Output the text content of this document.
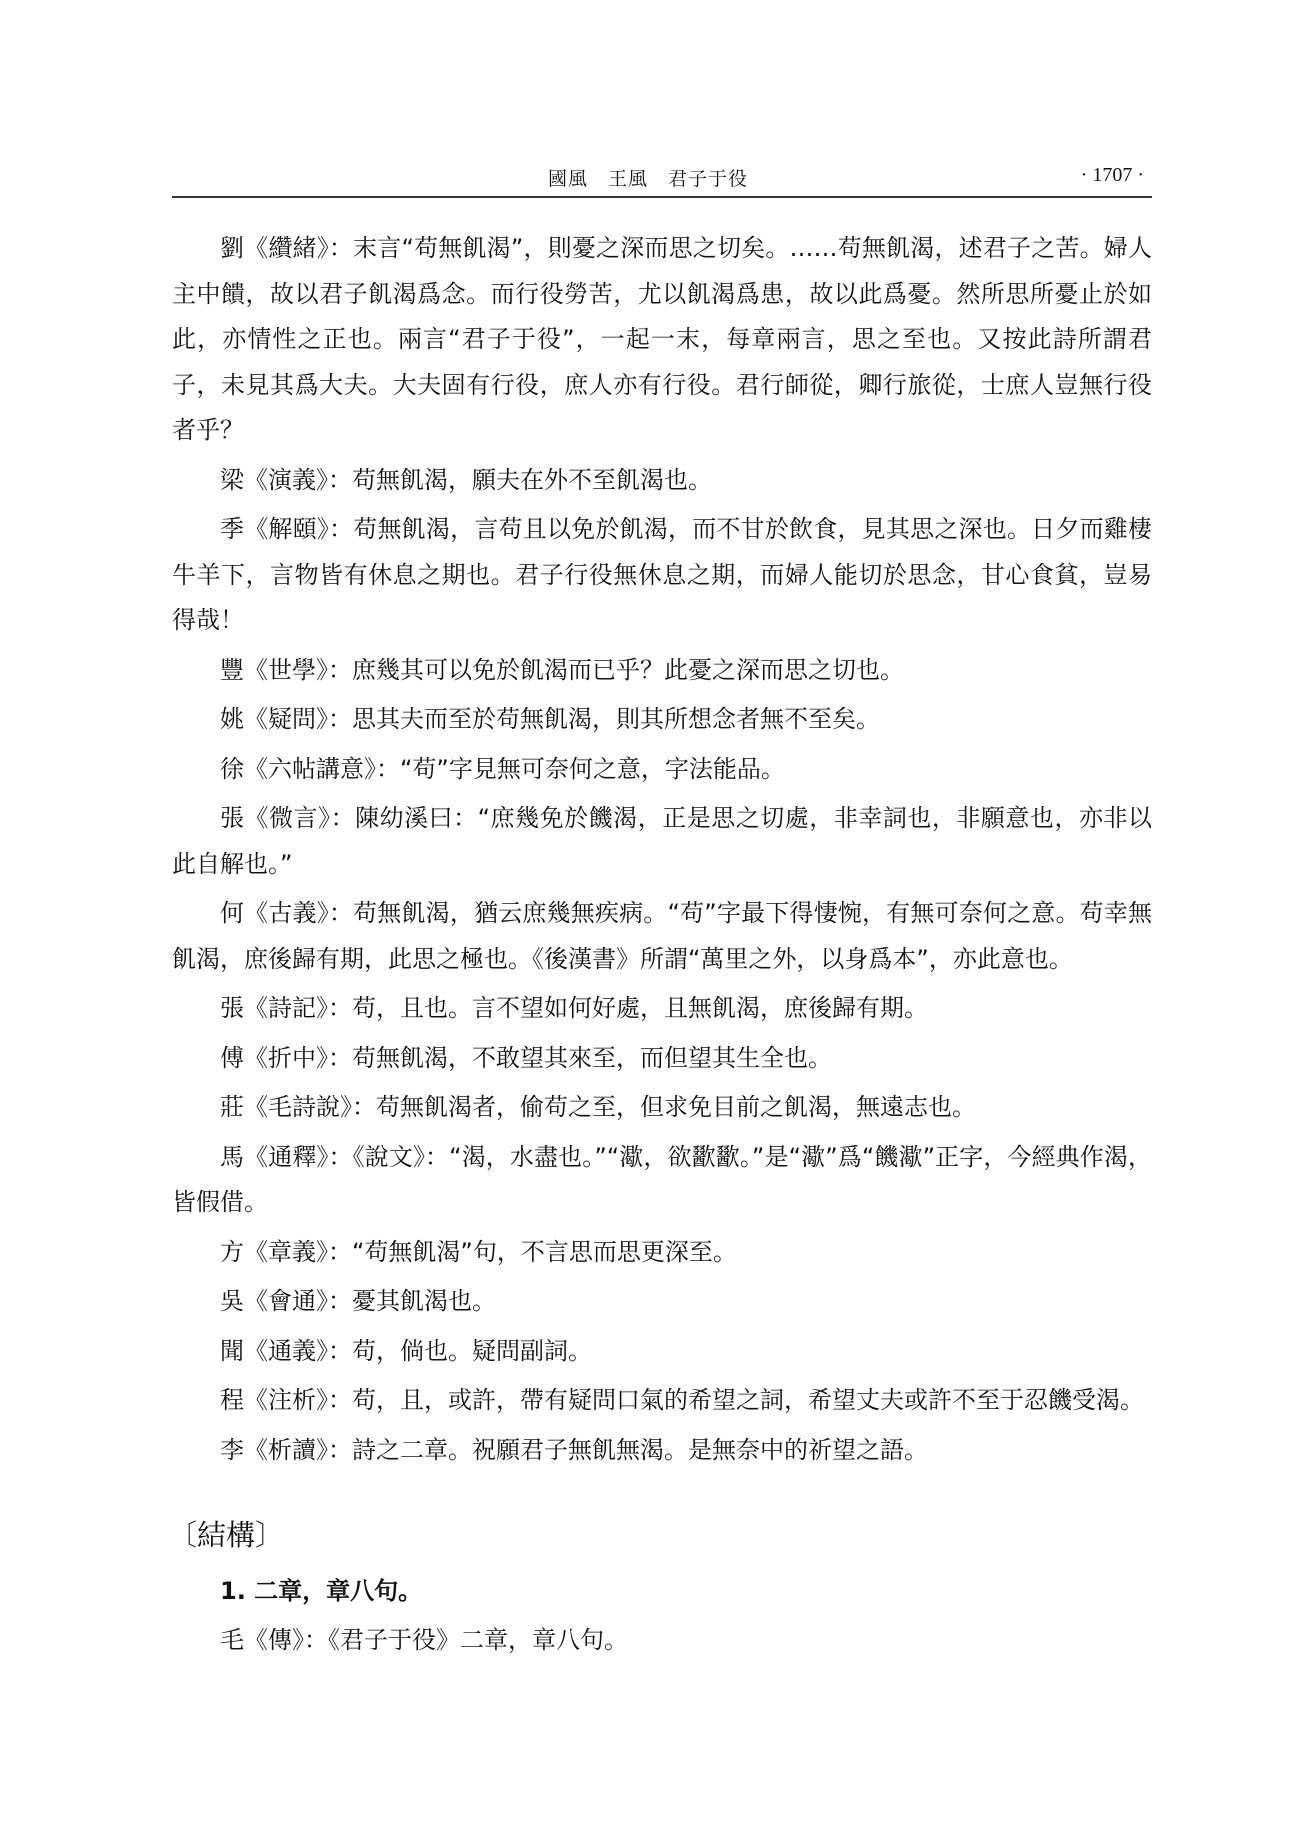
國風　王風　君子于役	· 1707 ·

劉《纘緒》：末言“苟無飢渴”，則憂之深而思之切矣。……苟無飢渴，述君子之苦。婦人主中饋，故以君子飢渴爲念。而行役勞苦，尤以飢渴爲患，故以此爲憂。然所思所憂止於如此，亦情性之正也。兩言“君子于役”，一起一末，每章兩言，思之至也。又按此詩所謂君子，未見其爲大夫。大夫固有行役，庶人亦有行役。君行師從，卿行旅從，士庶人豈無行役者乎？

梁《演義》：苟無飢渴，願夫在外不至飢渴也。

季《解頤》：苟無飢渴，言苟且以免於飢渴，而不甘於飲食，見其思之深也。日夕而雞棲牛羊下，言物皆有休息之期也。君子行役無休息之期，而婦人能切於思念，甘心食貧，豈易得哉！

豐《世學》：庶幾其可以免於飢渴而已乎？此憂之深而思之切也。

姚《疑問》：思其夫而至於苟無飢渴，則其所想念者無不至矣。

徐《六帖講意》：“苟”字見無可奈何之意，字法能品。

張《微言》：陳幼溪曰：“庶幾免於饑渴，正是思之切處，非幸詞也，非願意也，亦非以此自解也。”

何《古義》：苟無飢渴，猶云庶幾無疾病。“苟”字最下得悽惋，有無可奈何之意。苟幸無飢渴，庶後歸有期，此思之極也。《後漢書》所謂“萬里之外，以身爲本”，亦此意也。

張《詩記》：苟，且也。言不望如何好處，且無飢渴，庶後歸有期。

傅《折中》：苟無飢渴，不敢望其來至，而但望其生全也。

莊《毛詩說》：苟無飢渴者，偷苟之至，但求免目前之飢渴，無遠志也。

馬《通釋》：《說文》：“渴，水盡也。”“㵣，欲歠歠。”是“㵣”爲“饑㵣”正字，今經典作渴，皆假借。

方《章義》：“苟無飢渴”句，不言思而思更深至。

吳《會通》：憂其飢渴也。

聞《通義》：苟，倘也。疑問副詞。

程《注析》：苟，且，或許，帶有疑問口氣的希望之詞，希望丈夫或許不至于忍饑受渴。

李《析讀》：詩之二章。祝願君子無飢無渴。是無奈中的祈望之語。

〔結構〕
1. 二章，章八句。

毛《傳》：《君子于役》二章，章八句。
